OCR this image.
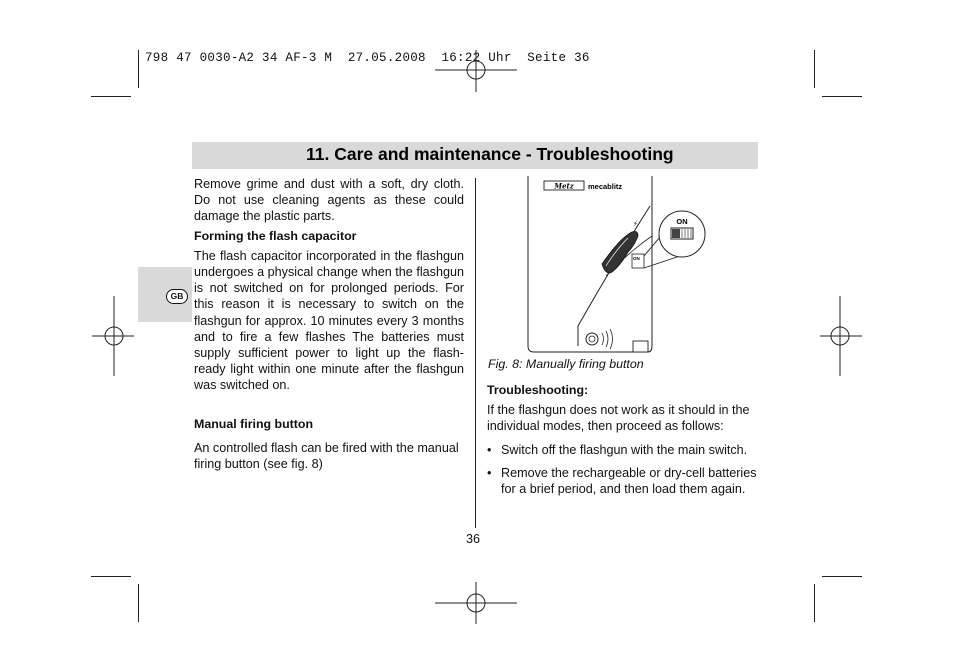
798 47 0030-A2 34 AF-3 M  27.05.2008  16:22 Uhr  Seite 36
11. Care and maintenance - Troubleshooting
GB

Remove grime and dust with a soft, dry cloth. Do not use cleaning agents as these could damage the plastic parts.

Forming the flash capacitor

The flash capacitor incorporated in the flashgun undergoes a physical change when the flashgun is not switched on for prolonged periods. For this reason it is necessary to switch on the flashgun for approx. 10 minutes every 3 months and to fire a few flashes The batteries must supply sufficient power to light up the flash-ready light within one minute after the flashgun was switched on.

Manual firing button

An controlled flash can be fired with the manual firing button (see fig. 8)

Metz mecablitz
⚡
ON
ON
Fig. 8: Manually firing button

Troubleshooting:

If the flashgun does not work as it should in the individual modes, then proceed as follows:

• Switch off the flashgun with the main switch.
• Remove the rechargeable or dry-cell batteries for a brief period, and then load them again.
36
